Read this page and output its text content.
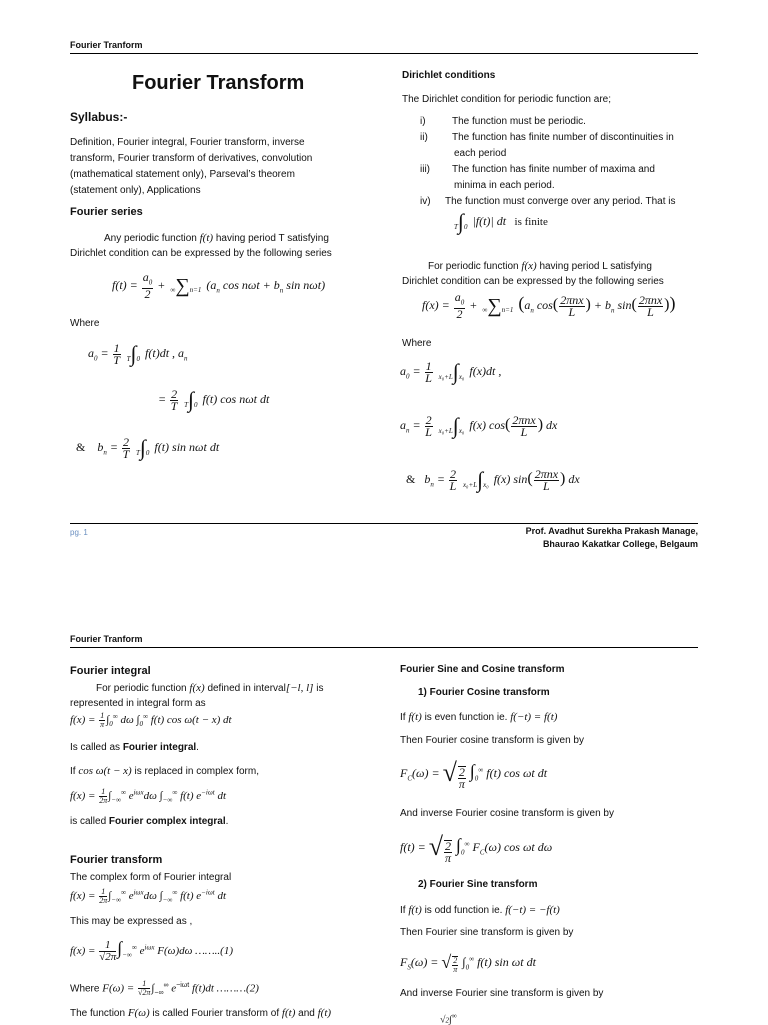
Fourier Tranform
Fourier Transform
Syllabus:-
Definition, Fourier integral, Fourier transform, inverse
transform, Fourier transform of derivatives, convolution
(mathematical statement only), Parseval’s theorem
(statement only), Applications
Fourier series
Any periodic function f(t) having period T satisfying
Dirichlet condition can be expressed by the following series
$f(t) = \frac{a_0}{2} + \infty\sum n=1$ ($a_n$ $\cos n\omega t + b_n$ sin nωt)
Where
$a_0 = \frac{1}{T} T\int 0$ f(t)dt , $a_n$
= $\frac{2}{T} T\int 0$ f(t) cos nωt dt
& $b_n = \frac{2}{T} T\int 0$ f(t) sin nωt dt
Dirichlet conditions
The Dirichlet condition for periodic function are;
i)	The function must be periodic.
ii) The function has finite number of discontinuities in
each period
iii) The function has finite number of maxima and
minima in each period.
iv) The function must converge over any period. That is
T∫0 |f(t)| dt   is finite
For periodic function f(x) having period L satisfying
Dirichlet condition can be expressed by the following series
$f(x) = \frac{a_0}{2} + \infty\sum n=1$ ($a_n$ $\cos( \frac{\text{2πnx}}{L}$ ) + $b_n$ $\sin( \frac{\text{2πnx}}{L}$ ))
Where
$a_0 = \frac{1}{L} x_0+L\int x_0$ f(x)dt ,
$a_n = \frac{2}{L} x_0+L\int x_0$ f(x) $\cos( \frac{\text{2πnx}}{L}$ ) dx
& $b_n = \frac{2}{L} x_0+L\int x_0$ f(x) $\sin( \frac{\text{2πnx}}{L}$ ) dx
pg. 1	Prof. Avadhut Surekha Prakash Manage,
Bhaurao Kakatkar College, Belgaum
Fourier Tranform
Fourier integral
For periodic function f(x) defined in interval[−l, l] is
represented in integral form as
$f(x) = \frac{1}{\pi} \int_0^\infty$ dω $\int_0^\infty$ f(t) cos ω(t − x) dt
Is called as Fourier integral.
If cos ω(t − x) is replaced in complex form,
$f(x) = \frac{1}{2\pi} \int_{-\infty}^\infty$ $e^{i\omega x}d\omega$ $\int_{-\infty}^\infty$ f(t) $e^{-i\omega t}$ dt
is called Fourier complex integral.
Fourier transform
The complex form of Fourier integral
$f(x) = \frac{1}{2\pi} \int_{-\infty}^\infty$ $e^{i\omega x}d\omega$ $\int_{-\infty}^\infty$ f(t) $e^{-i\omega t}$ dt
This may be expressed as ,
$f(x) = \frac{1}{√2\pi} \int_{-\infty}^\infty$ $e^{i\omega x}$ F(ω)dω ……..(1)
Where $F(\omega) = \frac{1}{√2\pi} \int_{-\infty}^\infty$ $e^{-i\omega t}$ f(t)dt ………(2)
The function F(ω) is called Fourier transform of f(t) and f(t)
Fourier Sine and Cosine transform
1) Fourier Cosine transform
If f(t) is even function ie. f(−t) = f(t)
Then Fourier cosine transform is given by
$F_C(\omega)$ = √ $\frac{2}{\pi} \int_0^\infty$ f(t) cos ωt dt
And inverse Fourier cosine transform is given by
f(t) = √ $\frac{2}{\pi} \int_0^\infty$ $F_C(\omega)$ cos ωt dω
2) Fourier Sine transform
If f(t) is odd function ie. f(−t) = −f(t)
Then Fourier sine transform is given by
$F_S(\omega)$ = √ $\frac{2}{\pi} \int_0^\infty$ f(t) sin ωt dt
And inverse Fourier sine transform is given by
√2∫∞
